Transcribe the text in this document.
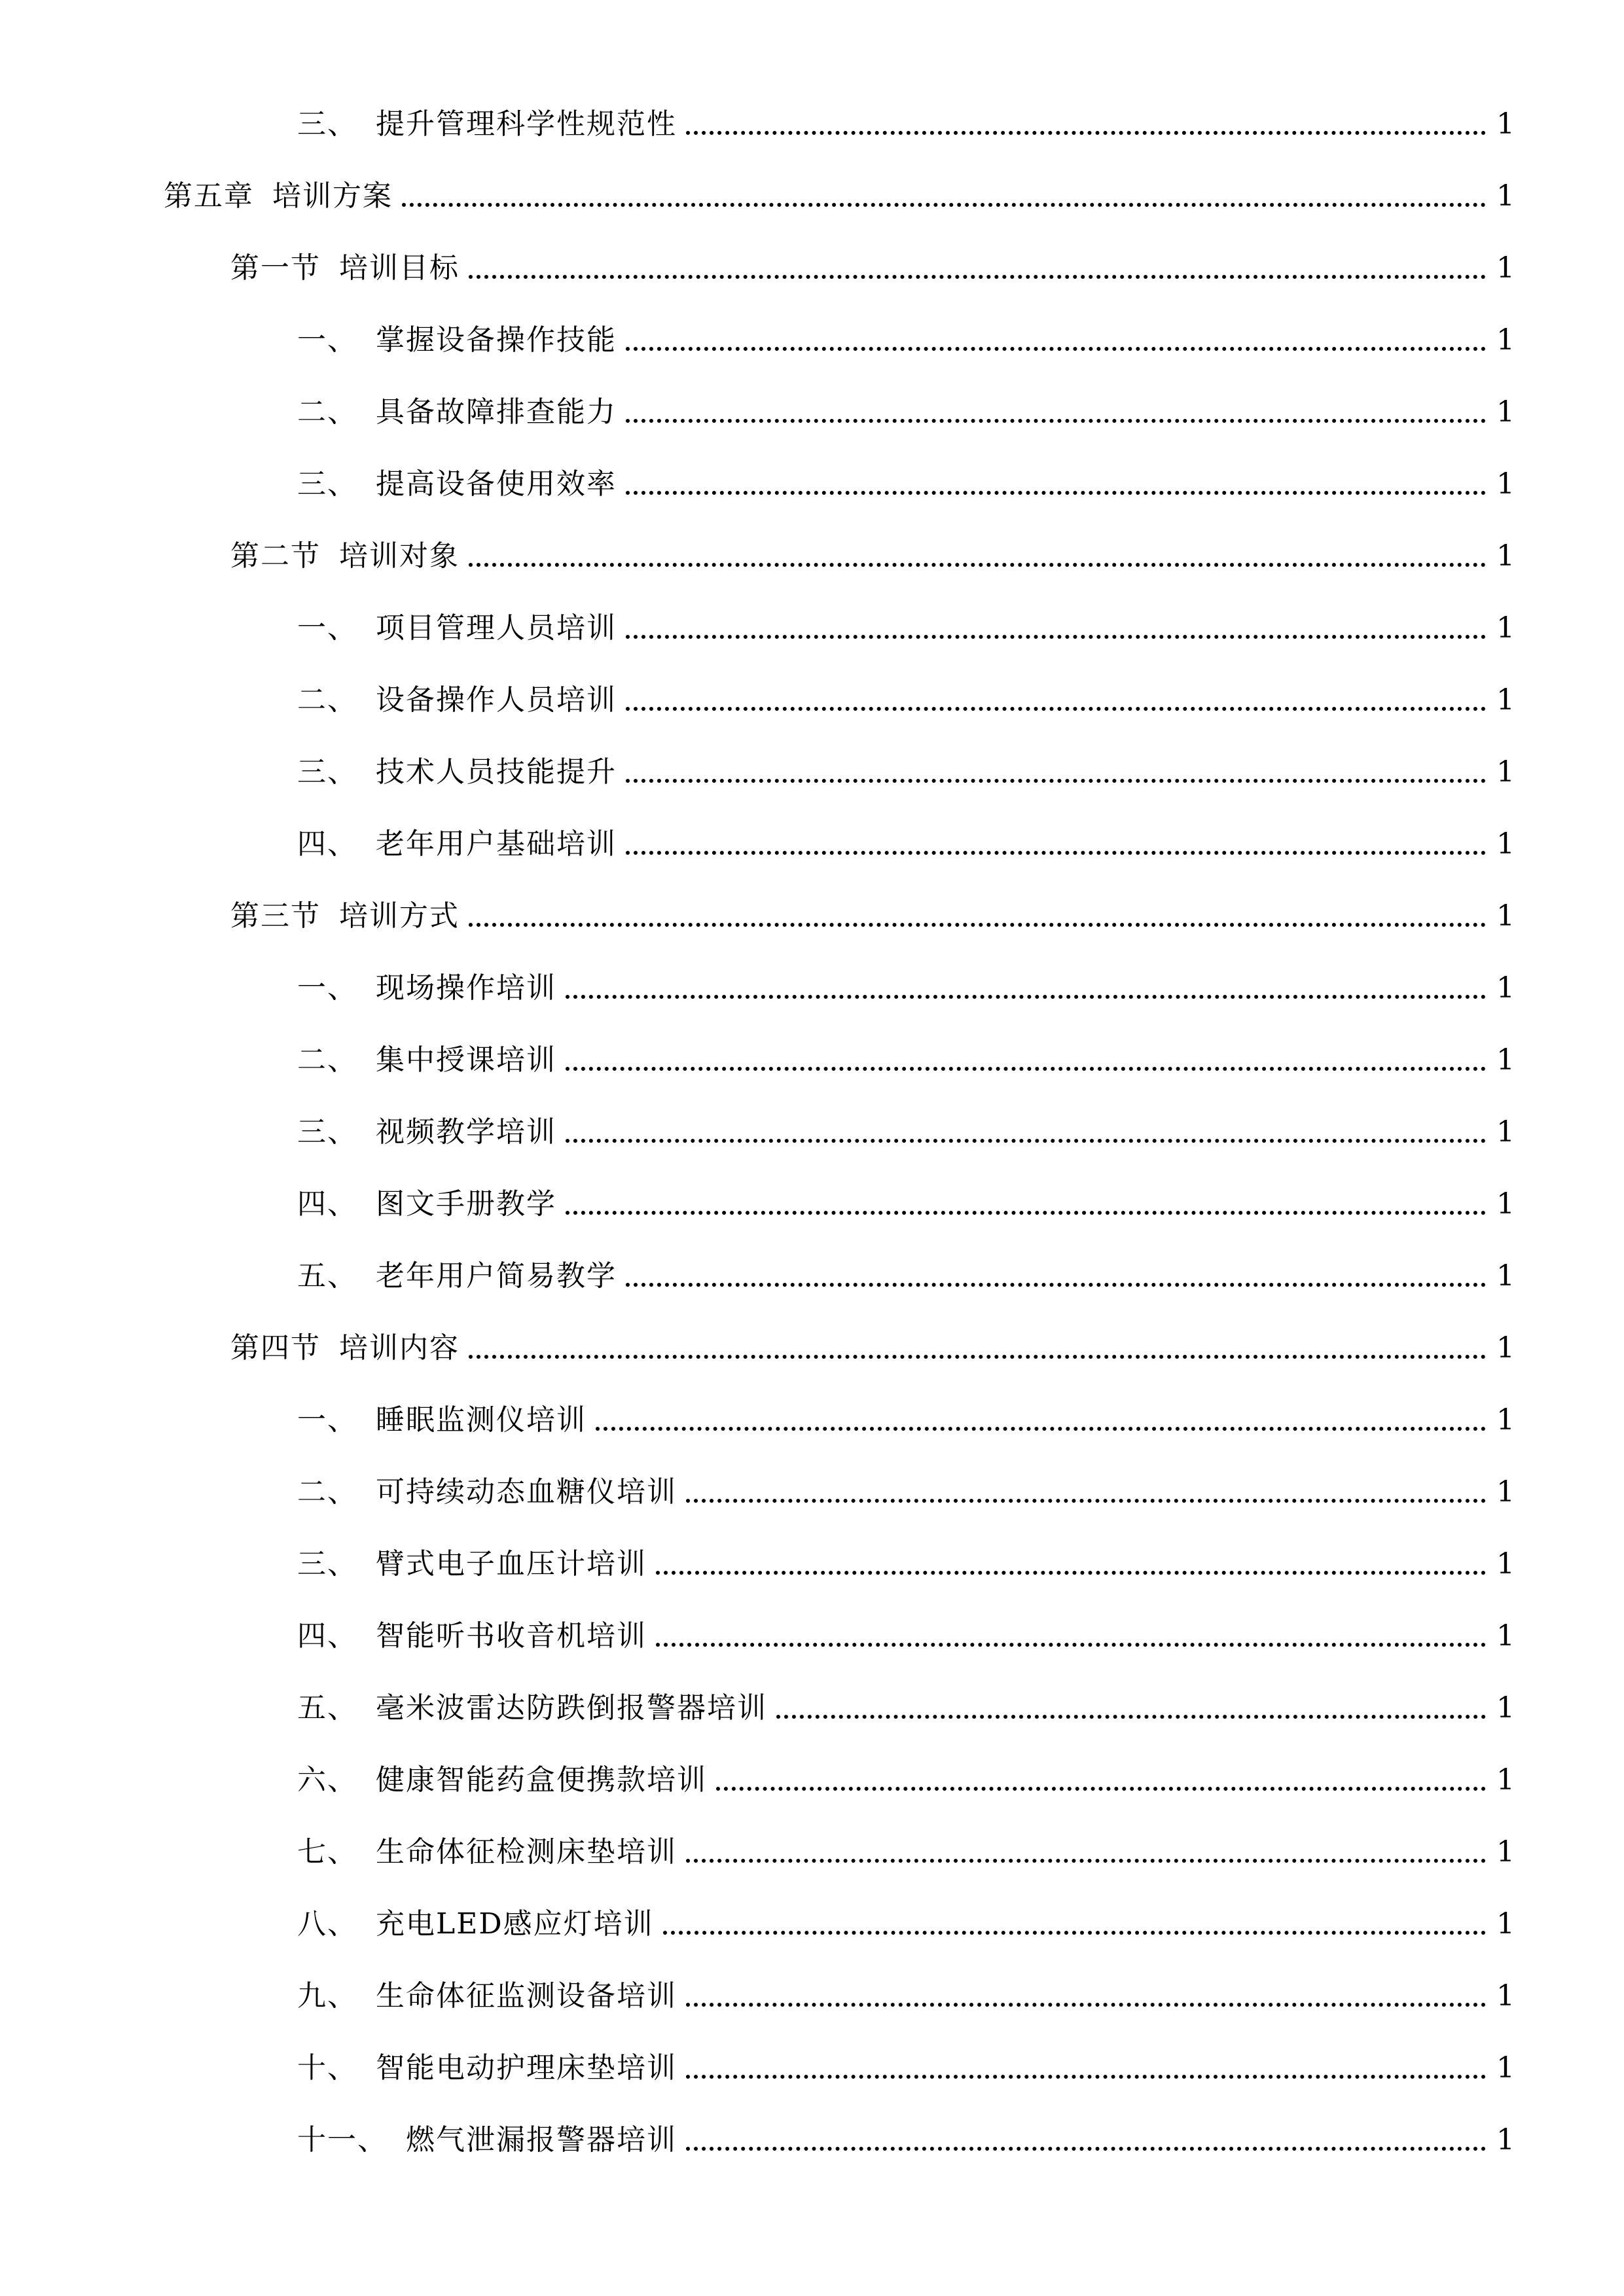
三、 提升管理科学性规范性	1
第五章 培训方案	1
第一节 培训目标	1
一、 掌握设备操作技能	1
二、 具备故障排查能力	1
三、 提高设备使用效率	1
第二节 培训对象	1
一、 项目管理人员培训	1
二、 设备操作人员培训	1
三、 技术人员技能提升	1
四、 老年用户基础培训	1
第三节 培训方式	1
一、 现场操作培训	1
二、 集中授课培训	1
三、 视频教学培训	1
四、 图文手册教学	1
五、 老年用户简易教学	1
第四节 培训内容	1
一、 睡眠监测仪培训	1
二、 可持续动态血糖仪培训	1
三、 臂式电子血压计培训	1
四、 智能听书收音机培训	1
五、 毫米波雷达防跌倒报警器培训	1
六、 健康智能药盒便携款培训	1
七、 生命体征检测床垫培训	1
八、 充电LED感应灯培训	1
九、 生命体征监测设备培训	1
十、 智能电动护理床垫培训	1
十一、 燃气泄漏报警器培训	1
